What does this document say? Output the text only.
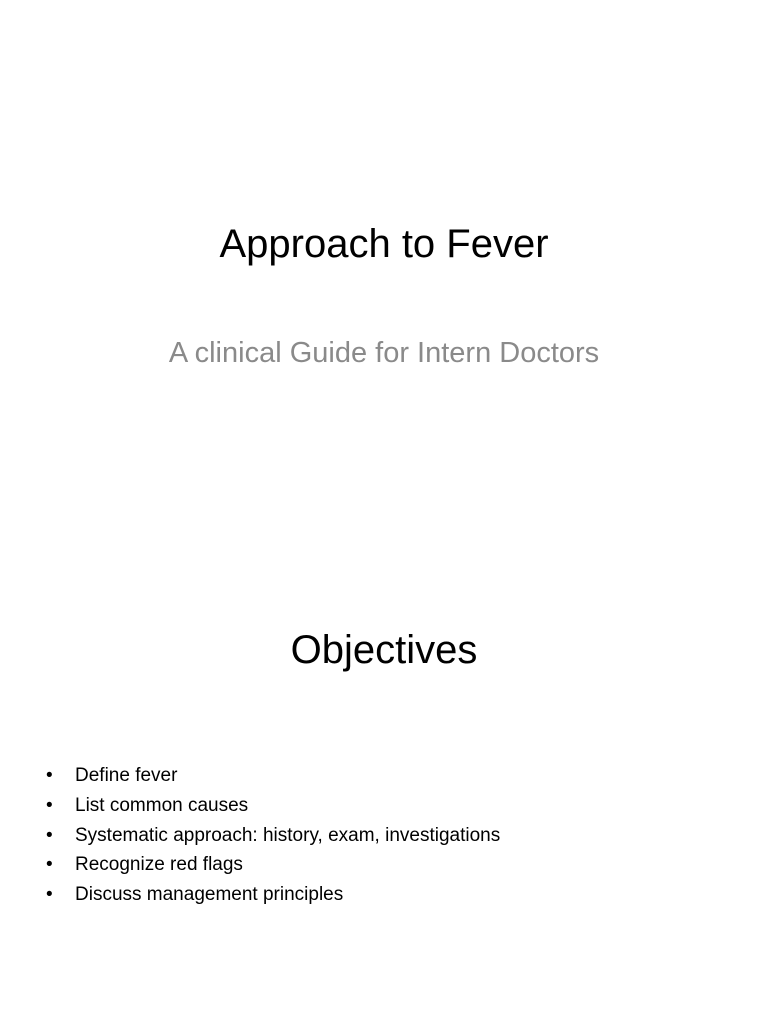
Approach to Fever
A clinical Guide for Intern Doctors
Objectives
•	Define fever
•	List common causes
•	Systematic approach: history, exam, investigations
•	Recognize red flags
•	Discuss management principles
